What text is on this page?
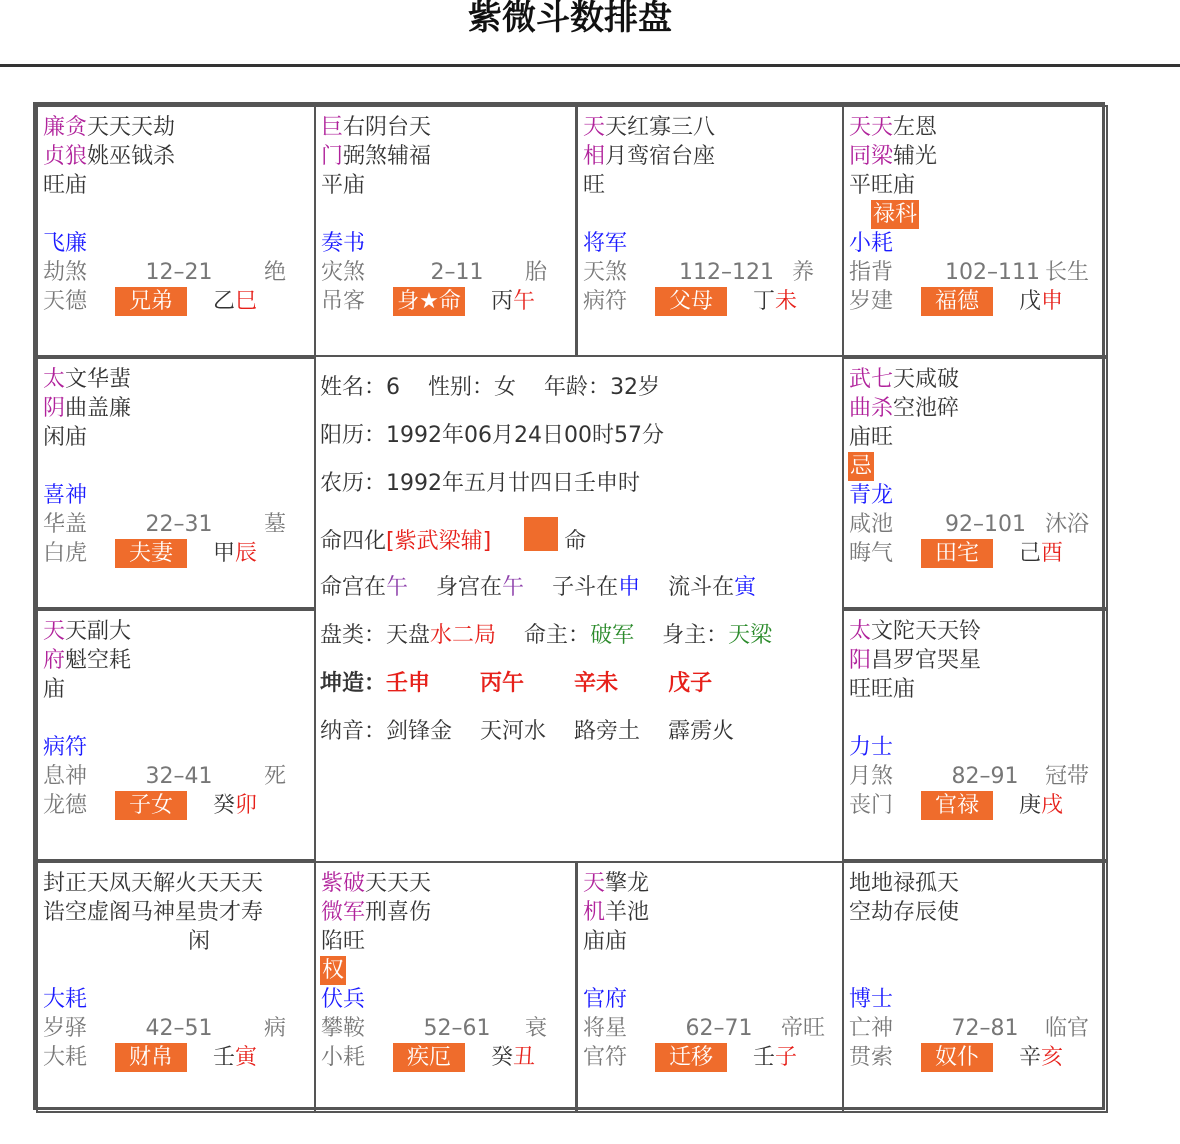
紫微斗数排盘
廉贪天天天劫
贞狼姚巫钺杀
旺庙
飞廉
劫煞	12–21	绝
天德	兄弟	乙巳
巨右阴台天
门弼煞辅福
平庙
奏书
灾煞	2–11	胎
吊客 身★命 丙午
天天红寡三八
相月鸾宿台座
旺
将军
天煞 112–121 养
病符	父母	丁未
天天左恩
同梁辅光
平旺庙
禄科
小耗
指背 102–111 长生
岁建	福德	戊申
太文华蜚
阴曲盖廉
闲庙
喜神
华盖	22–31	墓
白虎	夫妻	甲辰
武七天咸破
曲杀空池碎
庙旺
忌
青龙
咸池 92–101 沐浴
晦气	田宅	己酉
天天副大
府魁空耗
庙
病符
息神	32–41	死
龙德	子女	癸卯
太文陀天天铃
阳昌罗官哭星
旺旺庙
力士
月煞	82–91	冠带
丧门	官禄	庚戌
封正天凤天解火天天天
诰空虚阁马神星贵才寿
闲
大耗
岁驿	42–51	病
大耗	财帛	壬寅
紫破天天天
微军刑喜伤
陷旺
权
伏兵
攀鞍	52–61	衰
小耗	疾厄	癸丑
天擎龙
机羊池
庙庙
官府
将星	62–71	帝旺
官符	迁移	壬子
地地禄孤天
空劫存辰使
博士
亡神	72–81	临官
贯索	奴仆	辛亥
姓名：6 性别：女 年龄：32岁
阳历：1992年06月24日00时57分
农历：1992年五月廿四日壬申时
命四化[紫武梁辅]	命
命宫在午 身宫在午 子斗在申 流斗在寅
盘类：天盘水二局 命主：破军 身主：天梁
坤造：壬申 丙午 辛未 戊子
纳音：剑锋金 天河水 路旁土 霹雳火
